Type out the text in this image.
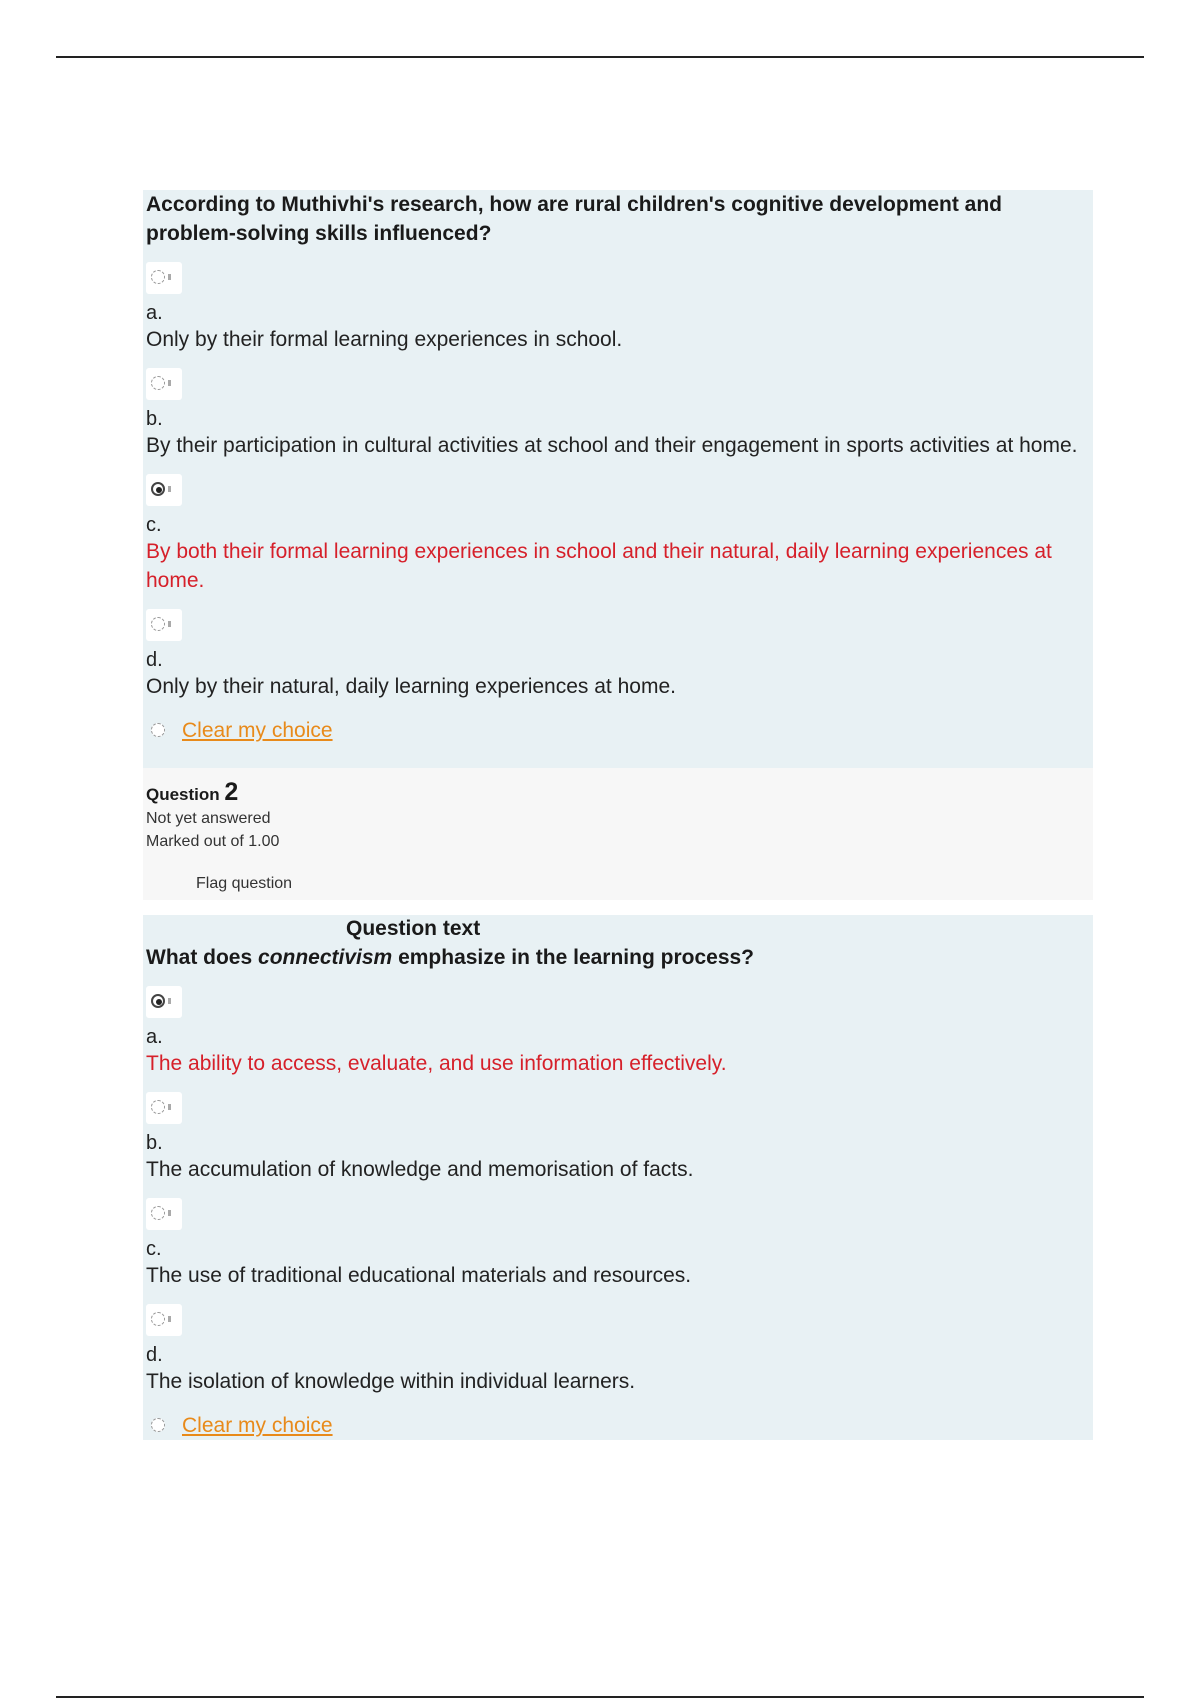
According to Muthivhi's research, how are rural children's cognitive development and problem-solving skills influenced?

a.
Only by their formal learning experiences in school.
b.
By their participation in cultural activities at school and their engagement in sports activities at home.
c.
By both their formal learning experiences in school and their natural, daily learning experiences at home.
d.
Only by their natural, daily learning experiences at home.
Clear my choice
Question 2
Not yet answered
Marked out of 1.00
Flag question
Question text

What does connectivism emphasize in the learning process?

a.
The ability to access, evaluate, and use information effectively.
b.
The accumulation of knowledge and memorisation of facts.
c.
The use of traditional educational materials and resources.
d.
The isolation of knowledge within individual learners.
Clear my choice
